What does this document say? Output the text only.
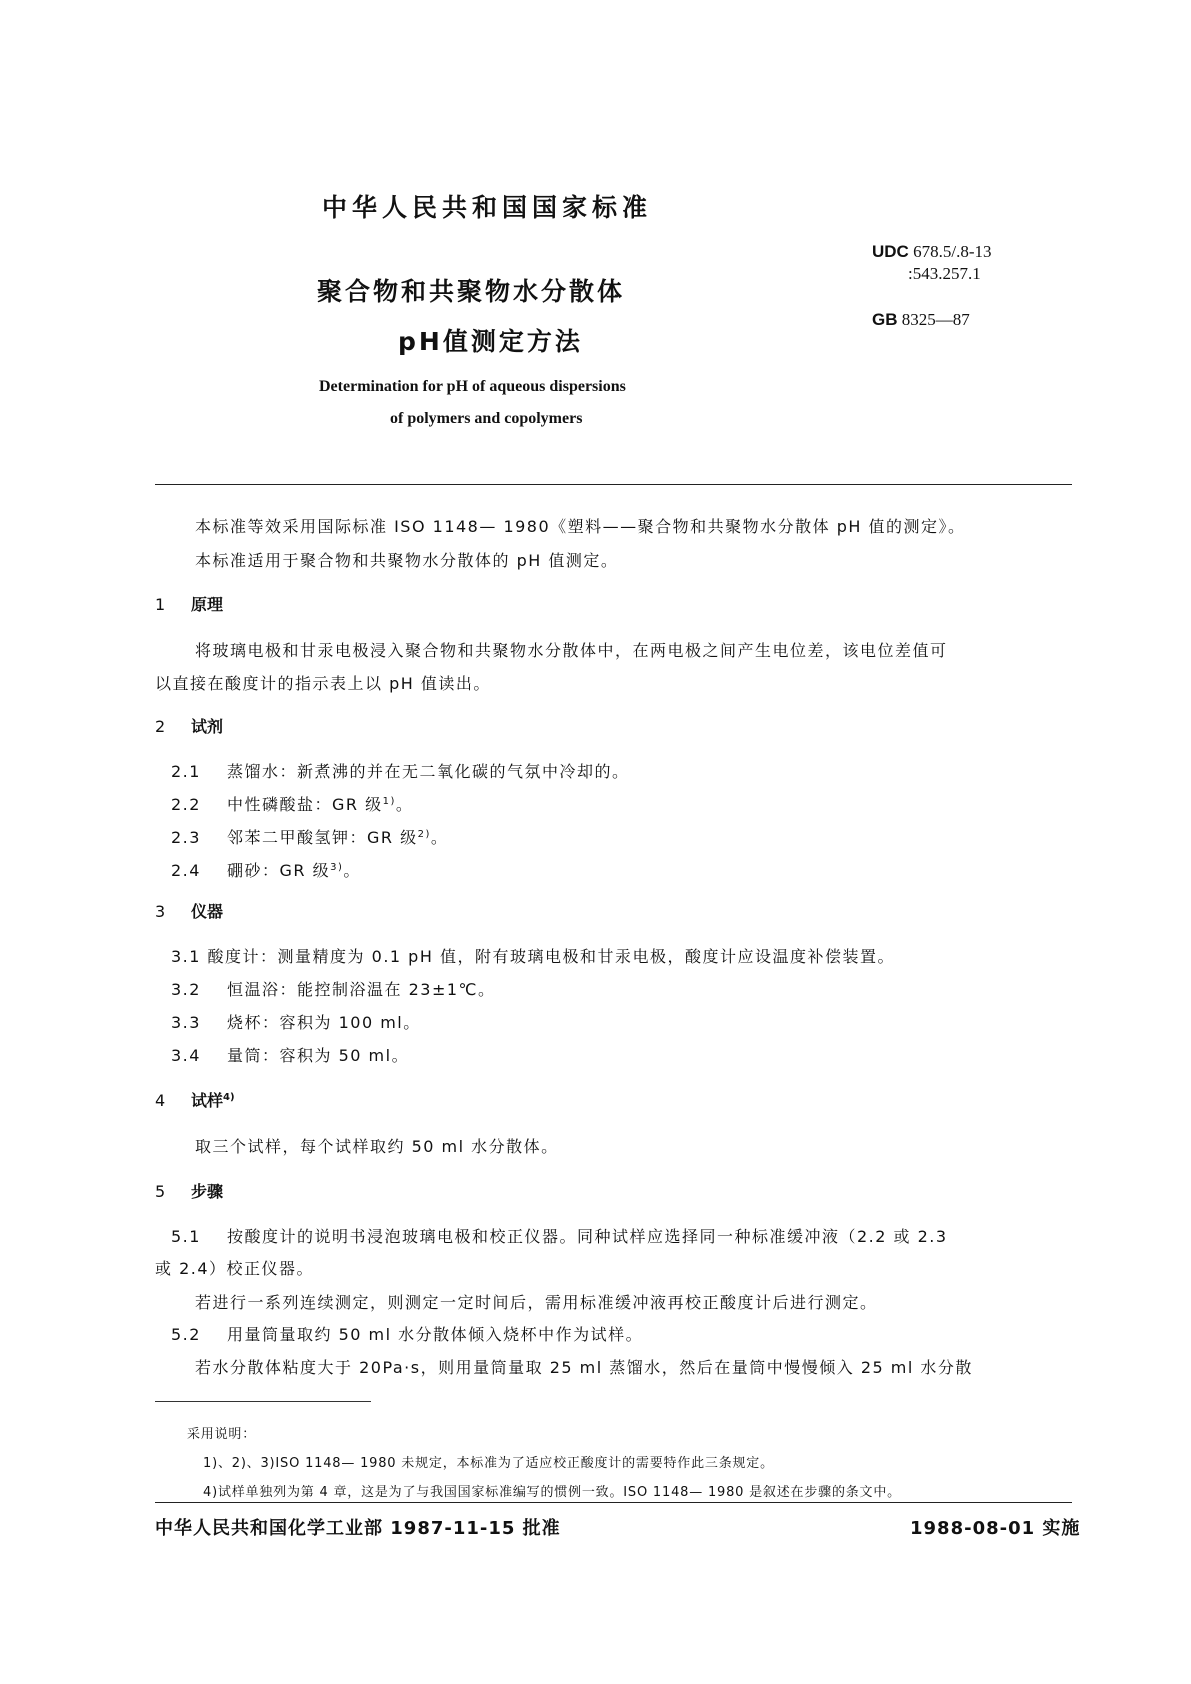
中华人民共和国国家标准
UDC 678.5/.8-13
:543.257.1
GB 8325—87
聚合物和共聚物水分散体
pH值测定方法
Determination for pH of aqueous dispersions
of polymers and copolymers
本标准等效采用国际标准 ISO 1148— 1980《塑料——聚合物和共聚物水分散体 pH 值的测定》。
本标准适用于聚合物和共聚物水分散体的 pH 值测定。
1 原理
将玻璃电极和甘汞电极浸入聚合物和共聚物水分散体中，在两电极之间产生电位差，该电位差值可
以直接在酸度计的指示表上以 pH 值读出。
2 试剂
2.1 蒸馏水：新煮沸的并在无二氧化碳的气氛中冷却的。
2.2 中性磷酸盐：GR 级$^{1)}$。
2.3 邻苯二甲酸氢钾：GR 级$^{2)}$。
2.4 硼砂：GR 级$^{3)}$。
3 仪器
3.1 酸度计：测量精度为 0.1 pH 值，附有玻璃电极和甘汞电极，酸度计应设温度补偿装置。
3.2 恒温浴：能控制浴温在 23±1℃。
3.3 烧杯：容积为 100 ml。
3.4 量筒：容积为 50 ml。
4 试样$^{4)}$
取三个试样，每个试样取约 50 ml 水分散体。
5 步骤
5.1 按酸度计的说明书浸泡玻璃电极和校正仪器。同种试样应选择同一种标准缓冲液（2.2 或 2.3
或 2.4）校正仪器。
若进行一系列连续测定，则测定一定时间后，需用标准缓冲液再校正酸度计后进行测定。
5.2 用量筒量取约 50 ml 水分散体倾入烧杯中作为试样。
若水分散体粘度大于 20Pa·s，则用量筒量取 25 ml 蒸馏水，然后在量筒中慢慢倾入 25 ml 水分散
采用说明：
1)、2)、3)ISO 1148— 1980 未规定，本标准为了适应校正酸度计的需要特作此三条规定。
4)试样单独列为第 4 章，这是为了与我国国家标准编写的惯例一致。ISO 1148— 1980 是叙述在步骤的条文中。
中华人民共和国化学工业部 1987-11-15 批准	1988-08-01 实施
